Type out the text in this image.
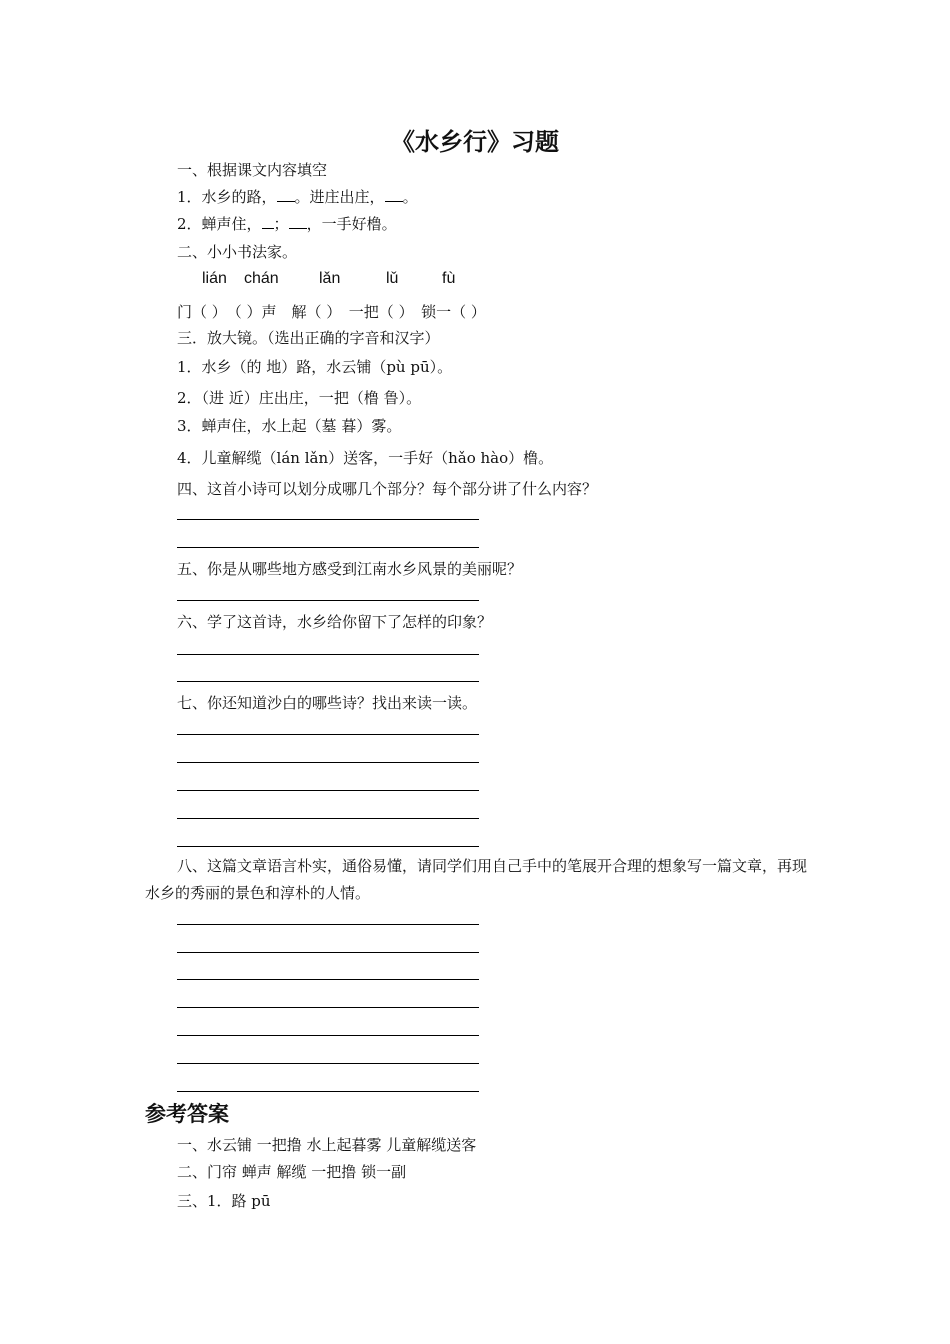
《水乡行》习题
一、根据课文内容填空
1．水乡的路， 。进庄出庄， 。
2．蝉声住， ； ，一手好橹。
二、小小书法家。
lián chán	lǎn	lǔ	fù
门（ ）　（ ）声　解（ ）　一把（ ）　锁一（ ）
三．放大镜。（选出正确的字音和汉字）
1．水乡（的 地）路，水云铺（pù pū）。
2．（进 近）庄出庄，一把（橹 鲁）。
3．蝉声住，水上起（墓 暮）雾。
4．儿童解缆（lán lǎn）送客，一手好（hǎo hào）橹。
四、这首小诗可以划分成哪几个部分？每个部分讲了什么内容？
五、你是从哪些地方感受到江南水乡风景的美丽呢？
六、学了这首诗，水乡给你留下了怎样的印象？
七、你还知道沙白的哪些诗？找出来读一读。
八、这篇文章语言朴实，通俗易懂，请同学们用自己手中的笔展开合理的想象写一篇文章，再现水乡的秀丽的景色和淳朴的人情。
参考答案
一、水云铺 一把撸 水上起暮雾 儿童解缆送客
二、门帘 蝉声 解缆 一把撸 锁一副
三、1．路 pū
